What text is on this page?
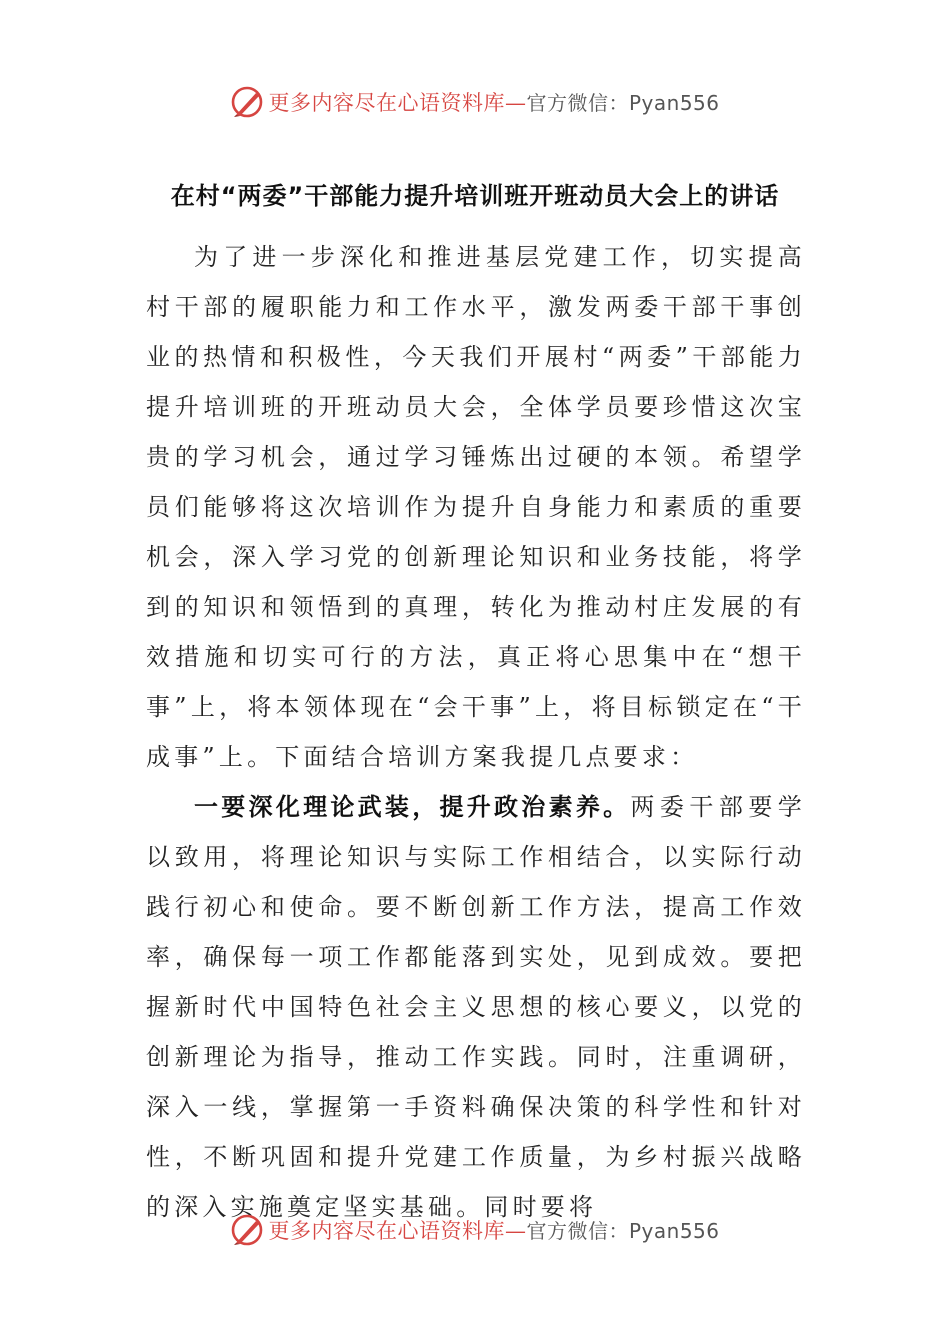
更多内容尽在心语资料库—官方微信：Pyan556
在村“两委”干部能力提升培训班开班动员大会上的讲话

为了进一步深化和推进基层党建工作，切实提高村干部的履职能力和工作水平，激发两委干部干事创业的热情和积极性，今天我们开展村“两委”干部能力提升培训班的开班动员大会，全体学员要珍惜这次宝贵的学习机会，通过学习锤炼出过硬的本领。希望学员们能够将这次培训作为提升自身能力和素质的重要机会，深入学习党的创新理论知识和业务技能，将学到的知识和领悟到的真理，转化为推动村庄发展的有效措施和切实可行的方法，真正将心思集中在“想干事”上，将本领体现在“会干事”上，将目标锁定在“干成事”上。下面结合培训方案我提几点要求：

一要深化理论武装，提升政治素养。两委干部要学以致用，将理论知识与实际工作相结合，以实际行动践行初心和使命。要不断创新工作方法，提高工作效率，确保每一项工作都能落到实处，见到成效。要把握新时代中国特色社会主义思想的核心要义，以党的创新理论为指导，推动工作实践。同时，注重调研，深入一线，掌握第一手资料确保决策的科学性和针对性，不断巩固和提升党建工作质量，为乡村振兴战略的深入实施奠定坚实基础。同时要将

更多内容尽在心语资料库—官方微信：Pyan556
